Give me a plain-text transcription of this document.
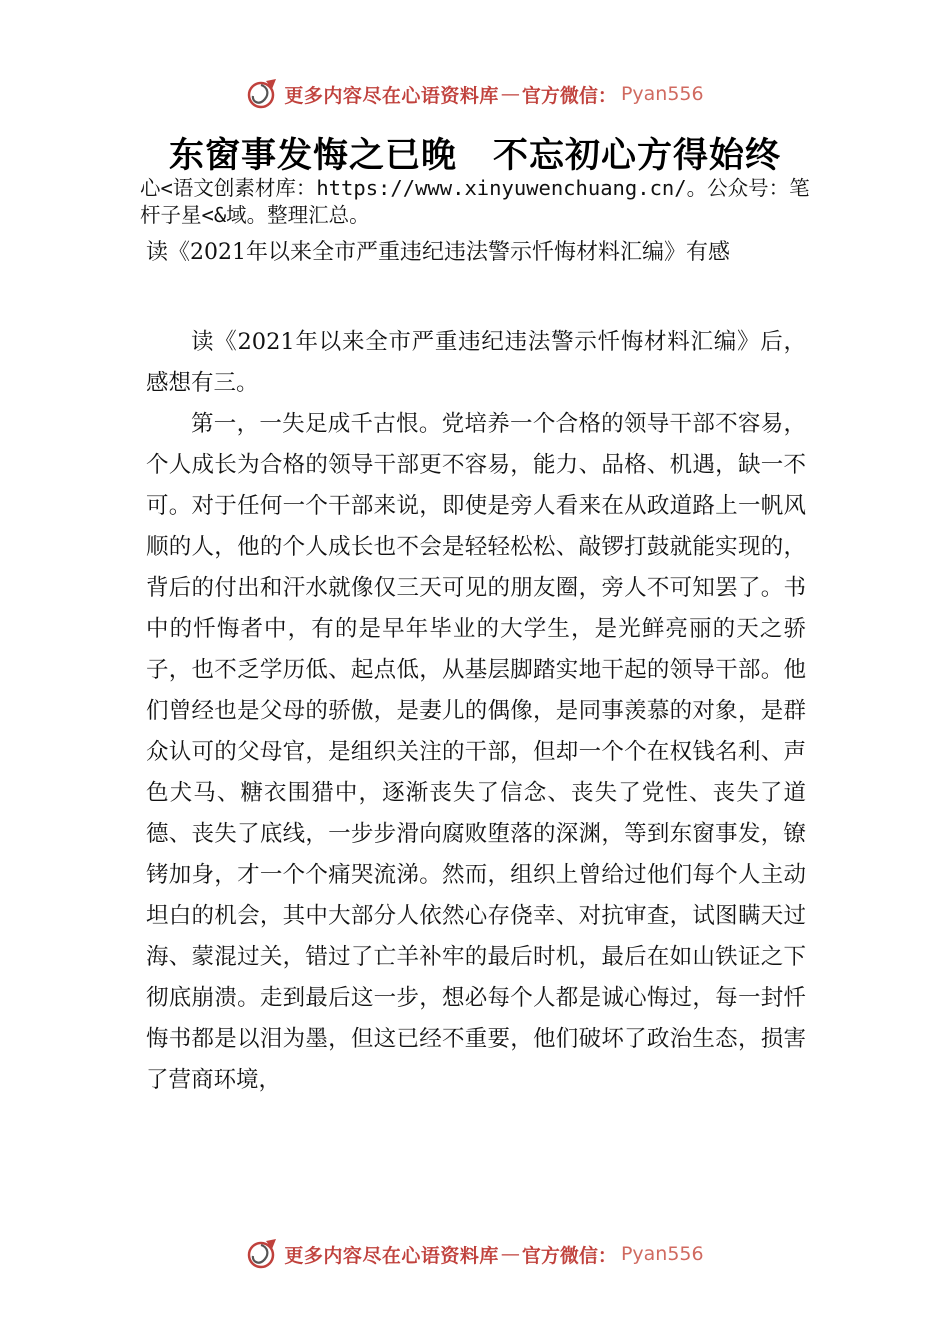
更多内容尽在心语资料库 — 官方微信： Pyan556
东窗事发悔之已晚　不忘初心方得始终
心<语文创素材库：https://www.xinyuwenchuang.cn/。公众号：笔杆子星<&域。整理汇总。
读《2021年以来全市严重违纪违法警示忏悔材料汇编》有感

读《2021年以来全市严重违纪违法警示忏悔材料汇编》后，感想有三。

第一，一失足成千古恨。党培养一个合格的领导干部不容易，个人成长为合格的领导干部更不容易，能力、品格、机遇，缺一不可。对于任何一个干部来说，即使是旁人看来在从政道路上一帆风顺的人，他的个人成长也不会是轻轻松松、敲锣打鼓就能实现的，背后的付出和汗水就像仅三天可见的朋友圈，旁人不可知罢了。书中的忏悔者中，有的是早年毕业的大学生，是光鲜亮丽的天之骄子，也不乏学历低、起点低，从基层脚踏实地干起的领导干部。他们曾经也是父母的骄傲，是妻儿的偶像，是同事羡慕的对象，是群众认可的父母官，是组织关注的干部，但却一个个在权钱名利、声色犬马、糖衣围猎中，逐渐丧失了信念、丧失了党性、丧失了道德、丧失了底线，一步步滑向腐败堕落的深渊，等到东窗事发，镣铐加身，才一个个痛哭流涕。然而，组织上曾给过他们每个人主动坦白的机会，其中大部分人依然心存侥幸、对抗审查，试图瞒天过海、蒙混过关，错过了亡羊补牢的最后时机，最后在如山铁证之下彻底崩溃。走到最后这一步，想必每个人都是诚心悔过，每一封忏悔书都是以泪为墨，但这已经不重要，他们破坏了政治生态，损害了营商环境，

更多内容尽在心语资料库 — 官方微信： Pyan556
